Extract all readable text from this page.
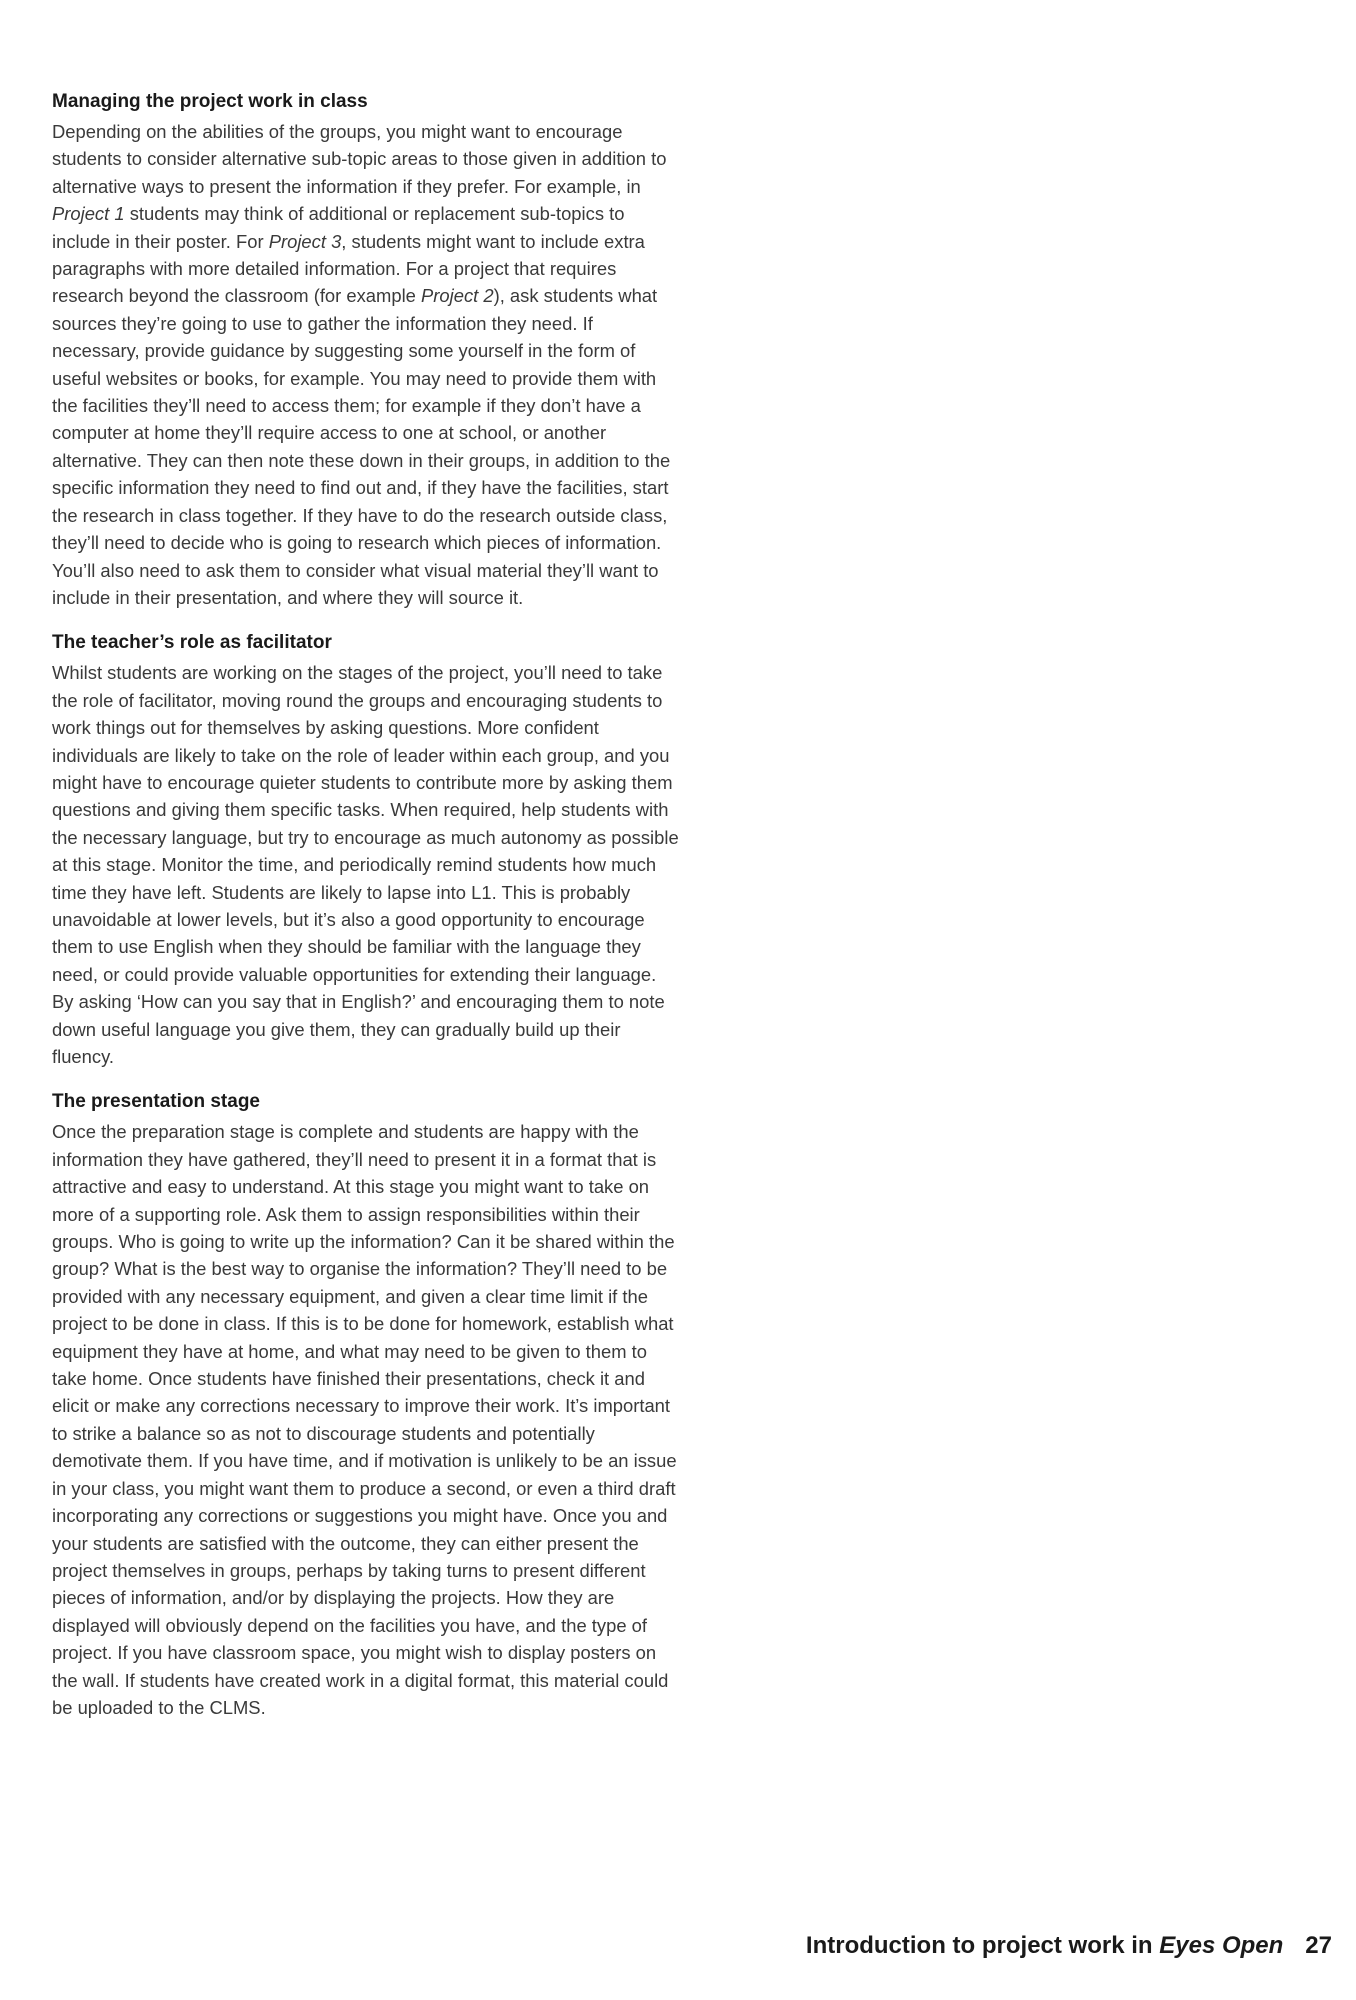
Managing the project work in class

Depending on the abilities of the groups, you might want to encourage students to consider alternative sub-topic areas to those given in addition to alternative ways to present the information if they prefer. For example, in Project 1 students may think of additional or replacement sub-topics to include in their poster. For Project 3, students might want to include extra paragraphs with more detailed information. For a project that requires research beyond the classroom (for example Project 2), ask students what sources they’re going to use to gather the information they need. If necessary, provide guidance by suggesting some yourself in the form of useful websites or books, for example. You may need to provide them with the facilities they’ll need to access them; for example if they don’t have a computer at home they’ll require access to one at school, or another alternative. They can then note these down in their groups, in addition to the specific information they need to find out and, if they have the facilities, start the research in class together. If they have to do the research outside class, they’ll need to decide who is going to research which pieces of information. You’ll also need to ask them to consider what visual material they’ll want to include in their presentation, and where they will source it.

The teacher’s role as facilitator

Whilst students are working on the stages of the project, you’ll need to take the role of facilitator, moving round the groups and encouraging students to work things out for themselves by asking questions. More confident individuals are likely to take on the role of leader within each group, and you might have to encourage quieter students to contribute more by asking them questions and giving them specific tasks. When required, help students with the necessary language, but try to encourage as much autonomy as possible at this stage. Monitor the time, and periodically remind students how much time they have left. Students are likely to lapse into L1. This is probably unavoidable at lower levels, but it’s also a good opportunity to encourage them to use English when they should be familiar with the language they need, or could provide valuable opportunities for extending their language. By asking ‘How can you say that in English?’ and encouraging them to note down useful language you give them, they can gradually build up their fluency.

The presentation stage

Once the preparation stage is complete and students are happy with the information they have gathered, they’ll need to present it in a format that is attractive and easy to understand. At this stage you might want to take on more of a supporting role. Ask them to assign responsibilities within their groups. Who is going to write up the information? Can it be shared within the group? What is the best way to organise the information? They’ll need to be provided with any necessary equipment, and given a clear time limit if the project to be done in class. If this is to be done for homework, establish what equipment they have at home, and what may need to be given to them to take home. Once students have finished their presentations, check it and elicit or make any corrections necessary to improve their work. It’s important to strike a balance so as not to discourage students and potentially demotivate them. If you have time, and if motivation is unlikely to be an issue in your class, you might want them to produce a second, or even a third draft incorporating any corrections or suggestions you might have. Once you and your students are satisfied with the outcome, they can either present the project themselves in groups, perhaps by taking turns to present different pieces of information, and/or by displaying the projects. How they are displayed will obviously depend on the facilities you have, and the type of project. If you have classroom space, you might wish to display posters on the wall. If students have created work in a digital format, this material could be uploaded to the CLMS.

Introduction to project work in Eyes Open 27
